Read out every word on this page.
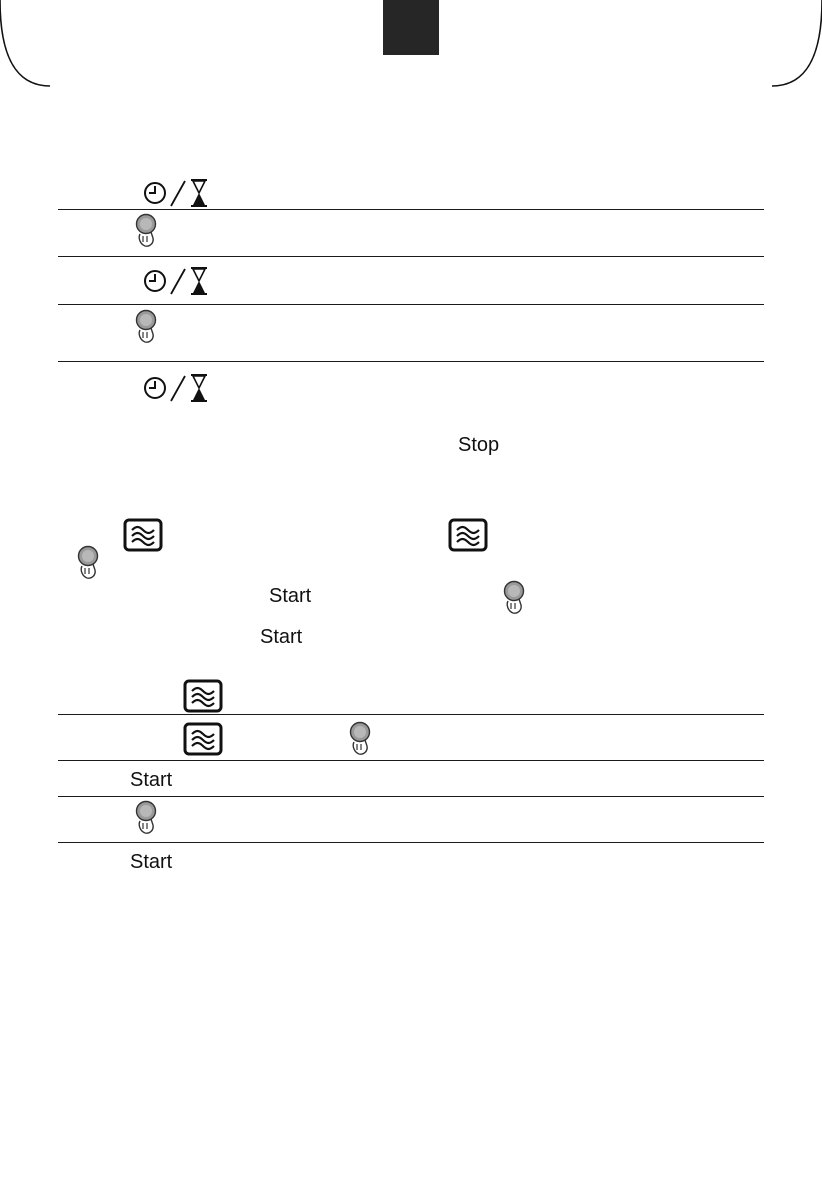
Stop
Start
Start
Start
Start
